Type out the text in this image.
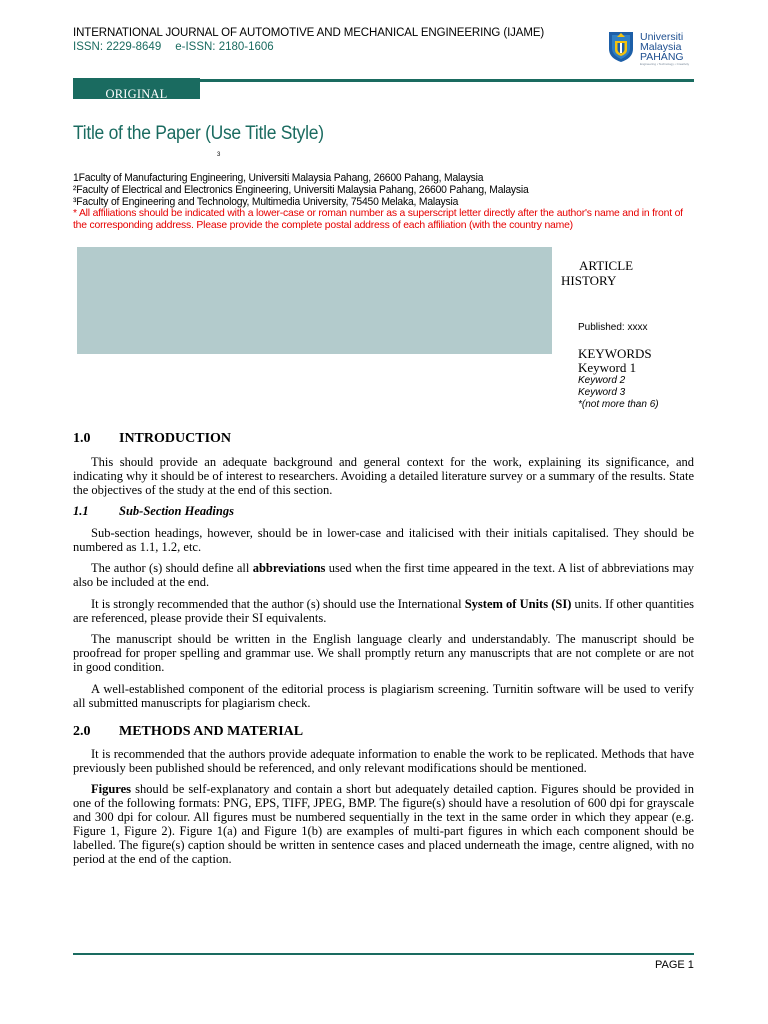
INTERNATIONAL JOURNAL OF AUTOMOTIVE AND MECHANICAL ENGINEERING (IJAME)
ISSN: 2229-8649 e-ISSN: 2180-1606
Universiti
Malaysia
PAHANG
Engineering • Technology • Creativity
ORIGINAL
Title of the Paper (Use Title Style)
3
1Faculty of Manufacturing Engineering, Universiti Malaysia Pahang, 26600 Pahang, Malaysia
²Faculty of Electrical and Electronics Engineering, Universiti Malaysia Pahang, 26600 Pahang, Malaysia
³Faculty of Engineering and Technology, Multimedia University, 75450 Melaka, Malaysia
* All affiliations should be indicated with a lower-case or roman number as a superscript letter directly after the author's name and in front of the corresponding address. Please provide the complete postal address of each affiliation (with the country name)
ARTICLE
HISTORY
Published: xxxx
KEYWORDS
Keyword 1
Keyword 2
Keyword 3
*(not more than 6)
1.0 INTRODUCTION
This should provide an adequate background and general context for the work, explaining its significance, and indicating why it should be of interest to researchers. Avoiding a detailed literature survey or a summary of the results. State the objectives of the study at the end of this section.
1.1 Sub-Section Headings
Sub-section headings, however, should be in lower-case and italicised with their initials capitalised. They should be numbered as 1.1, 1.2, etc.
The author (s) should define all abbreviations used when the first time appeared in the text. A list of abbreviations may also be included at the end.
It is strongly recommended that the author (s) should use the International System of Units (SI) units. If other quantities are referenced, please provide their SI equivalents.
The manuscript should be written in the English language clearly and understandably. The manuscript should be proofread for proper spelling and grammar use. We shall promptly return any manuscripts that are not complete or are not in good condition.
A well-established component of the editorial process is plagiarism screening. Turnitin software will be used to verify all submitted manuscripts for plagiarism check.
2.0 METHODS AND MATERIAL
It is recommended that the authors provide adequate information to enable the work to be replicated. Methods that have previously been published should be referenced, and only relevant modifications should be mentioned.
Figures should be self-explanatory and contain a short but adequately detailed caption. Figures should be provided in one of the following formats: PNG, EPS, TIFF, JPEG, BMP. The figure(s) should have a resolution of 600 dpi for grayscale and 300 dpi for colour. All figures must be numbered sequentially in the text in the same order in which they appear (e.g. Figure 1, Figure 2). Figure 1(a) and Figure 1(b) are examples of multi-part figures in which each component should be labelled. The figure(s) caption should be written in sentence cases and placed underneath the image, centre aligned, with no period at the end of the caption.
PAGE 1
